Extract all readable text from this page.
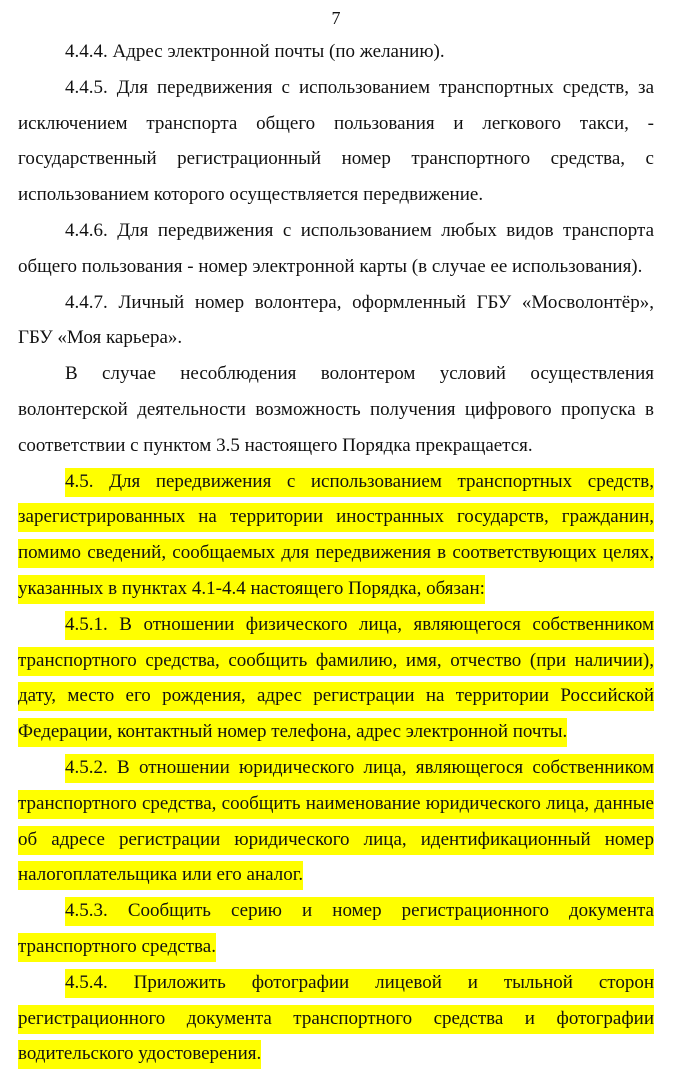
7

4.4.4. Адрес электронной почты (по желанию).

4.4.5. Для передвижения с использованием транспортных средств, за исключением транспорта общего пользования и легкового такси, - государственный регистрационный номер транспортного средства, с использованием которого осуществляется передвижение.

4.4.6. Для передвижения с использованием любых видов транспорта общего пользования - номер электронной карты (в случае ее использования).

4.4.7. Личный номер волонтера, оформленный ГБУ «Мосволонтёр», ГБУ «Моя карьера».

В случае несоблюдения волонтером условий осуществления волонтерской деятельности возможность получения цифрового пропуска в соответствии с пунктом 3.5 настоящего Порядка прекращается.

4.5. Для передвижения с использованием транспортных средств, зарегистрированных на территории иностранных государств, гражданин, помимо сведений, сообщаемых для передвижения в соответствующих целях, указанных в пунктах 4.1-4.4 настоящего Порядка, обязан:

4.5.1. В отношении физического лица, являющегося собственником транспортного средства, сообщить фамилию, имя, отчество (при наличии), дату, место его рождения, адрес регистрации на территории Российской Федерации, контактный номер телефона, адрес электронной почты.

4.5.2. В отношении юридического лица, являющегося собственником транспортного средства, сообщить наименование юридического лица, данные об адресе регистрации юридического лица, идентификационный номер налогоплательщика или его аналог.

4.5.3. Сообщить серию и номер регистрационного документа транспортного средства.

4.5.4. Приложить фотографии лицевой и тыльной сторон регистрационного документа транспортного средства и фотографии водительского удостоверения.
